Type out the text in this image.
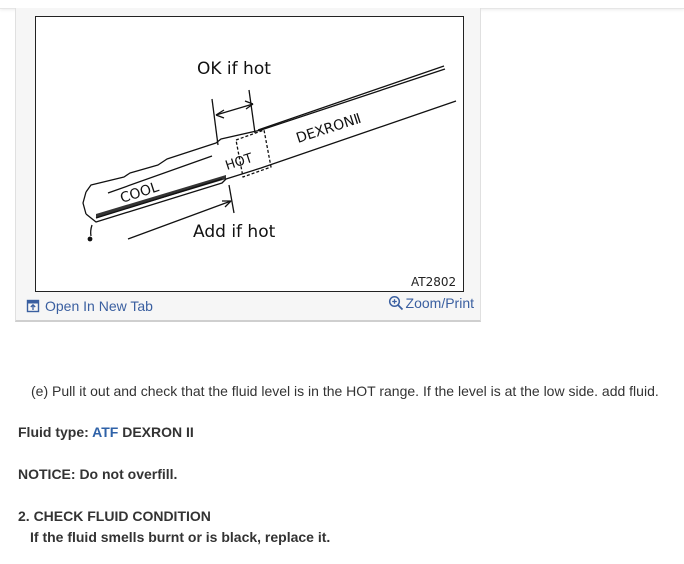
COOL
HOT
DEXRONⅡ
OK if hot
Add if hot
AT2802
Open In New Tab	Zoom/Print
(e) Pull it out and check that the fluid level is in the HOT range. If the level is at the low side. add fluid.
Fluid type: ATF DEXRON II
NOTICE: Do not overfill.
2. CHECK FLUID CONDITION
If the fluid smells burnt or is black, replace it.
